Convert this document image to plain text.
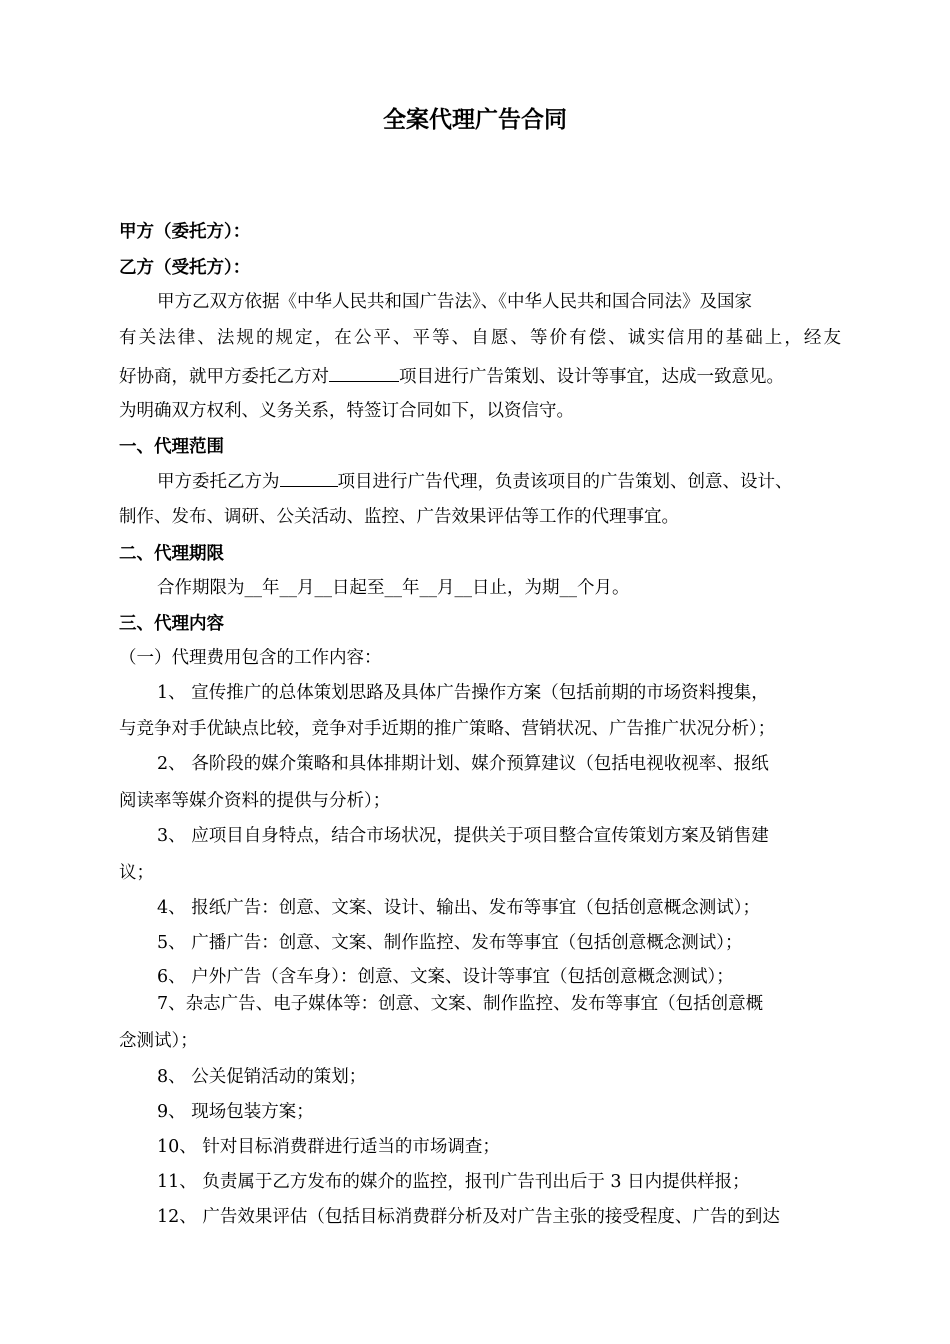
全案代理广告合同
甲方（委托方）：
乙方（受托方）：
甲方乙双方依据《中华人民共和国广告法》、《中华人民共和国合同法》及国家
有关法律、法规的规定，在公平、平等、自愿、等价有偿、诚实信用的基础上，经友
好协商，就甲方委托乙方对	项目进行广告策划、设计等事宜，达成一致意见。
为明确双方权利、义务关系，特签订合同如下，以资信守。
一、代理范围
甲方委托乙方为	项目进行广告代理，负责该项目的广告策划、创意、设计、
制作、发布、调研、公关活动、监控、广告效果评估等工作的代理事宜。
二、代理期限
合作期限为__年__月__日起至__年__月__日止，为期__个月。
三、代理内容
（一）代理费用包含的工作内容：
1、 宣传推广的总体策划思路及具体广告操作方案（包括前期的市场资料搜集，
与竞争对手优缺点比较，竞争对手近期的推广策略、营销状况、广告推广状况分析）；
2、 各阶段的媒介策略和具体排期计划、媒介预算建议（包括电视收视率、报纸
阅读率等媒介资料的提供与分析）；
3、 应项目自身特点，结合市场状况，提供关于项目整合宣传策划方案及销售建
议；
4、 报纸广告：创意、文案、设计、输出、发布等事宜（包括创意概念测试）；
5、 广播广告：创意、文案、制作监控、发布等事宜（包括创意概念测试）；
6、 户外广告（含车身）：创意、文案、设计等事宜（包括创意概念测试）；
7、杂志广告、电子媒体等：创意、文案、制作监控、发布等事宜（包括创意概
念测试）；
8、 公关促销活动的策划；
9、 现场包装方案；
10、 针对目标消费群进行适当的市场调查；
11、 负责属于乙方发布的媒介的监控，报刊广告刊出后于 3 日内提供样报；
12、 广告效果评估（包括目标消费群分析及对广告主张的接受程度、广告的到达
